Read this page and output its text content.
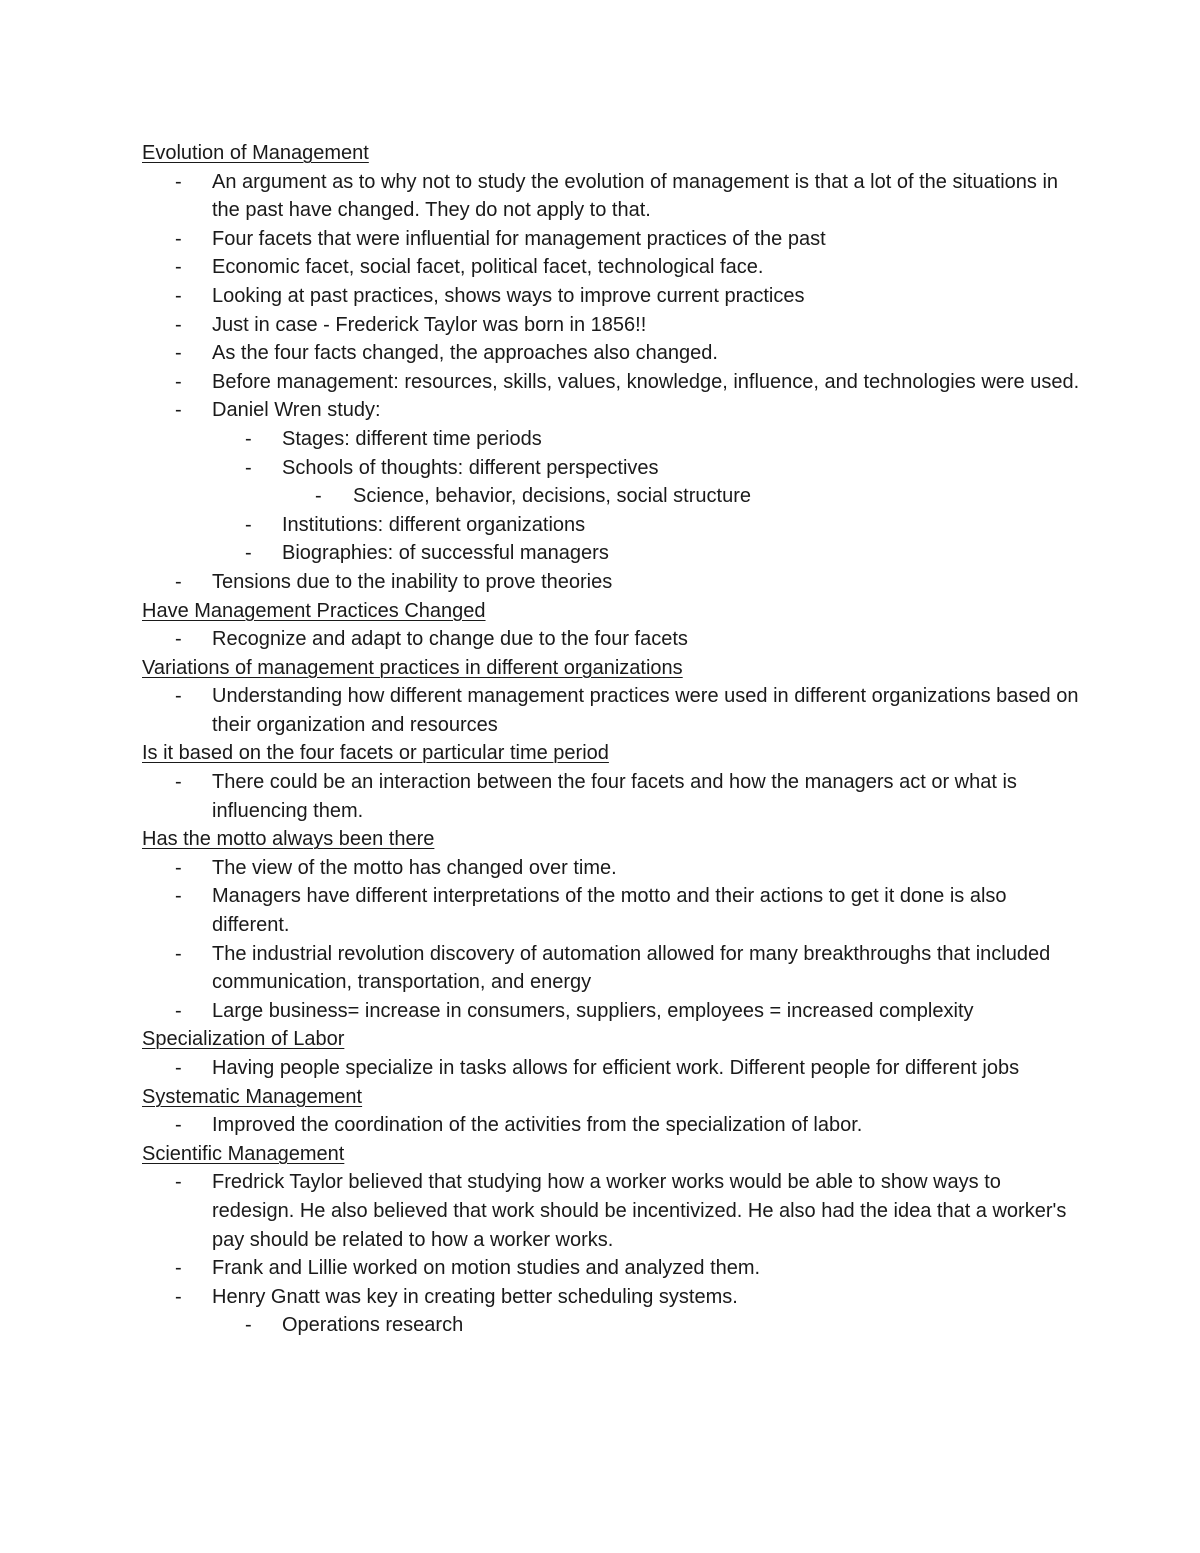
Evolution of Management
- An argument as to why not to study the evolution of management is that a lot of the situations in the past have changed. They do not apply to that.
- Four facets that were influential for management practices of the past
- Economic facet, social facet, political facet, technological face.
- Looking at past practices, shows ways to improve current practices
- Just in case - Frederick Taylor was born in 1856!!
- As the four facts changed, the approaches also changed.
- Before management: resources, skills, values, knowledge, influence, and technologies were used.
- Daniel Wren study:
- Stages: different time periods
- Schools of thoughts: different perspectives
- Science, behavior, decisions, social structure
- Institutions: different organizations
- Biographies: of successful managers
- Tensions due to the inability to prove theories
Have Management Practices Changed
- Recognize and adapt to change due to the four facets
Variations of management practices in different organizations
- Understanding how different management practices were used in different organizations based on their organization and resources
Is it based on the four facets or particular time period
- There could be an interaction between the four facets and how the managers act or what is influencing them.
Has the motto always been there
- The view of the motto has changed over time.
- Managers have different interpretations of the motto and their actions to get it done is also different.
- The industrial revolution discovery of automation allowed for many breakthroughs that included communication, transportation, and energy
- Large business= increase in consumers, suppliers, employees = increased complexity
Specialization of Labor
- Having people specialize in tasks allows for efficient work. Different people for different jobs
Systematic Management
- Improved the coordination of the activities from the specialization of labor.
Scientific Management
- Fredrick Taylor believed that studying how a worker works would be able to show ways to redesign. He also believed that work should be incentivized. He also had the idea that a worker's pay should be related to how a worker works.
- Frank and Lillie worked on motion studies and analyzed them.
- Henry Gnatt was key in creating better scheduling systems.
- Operations research
